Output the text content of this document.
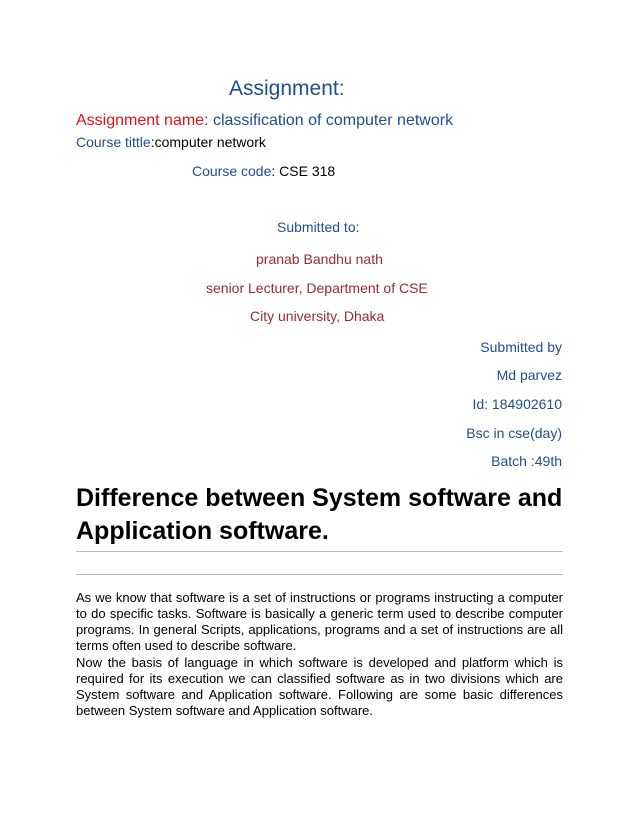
Assignment:
Assignment name: classification of computer network
Course tittle:computer network
Course code: CSE 318
Submitted to:
pranab Bandhu nath
senior Lecturer, Department of CSE
City university, Dhaka
Submitted by
Md parvez
Id: 184902610
Bsc in cse(day)
Batch :49th
Difference between System software and Application software.
As we know that software is a set of instructions or programs instructing a computer to do specific tasks. Software is basically a generic term used to describe computer programs. In general Scripts, applications, programs and a set of instructions are all terms often used to describe software.
Now the basis of language in which software is developed and platform which is required for its execution we can classified software as in two divisions which are System software and Application software. Following are some basic differences between System software and Application software.
